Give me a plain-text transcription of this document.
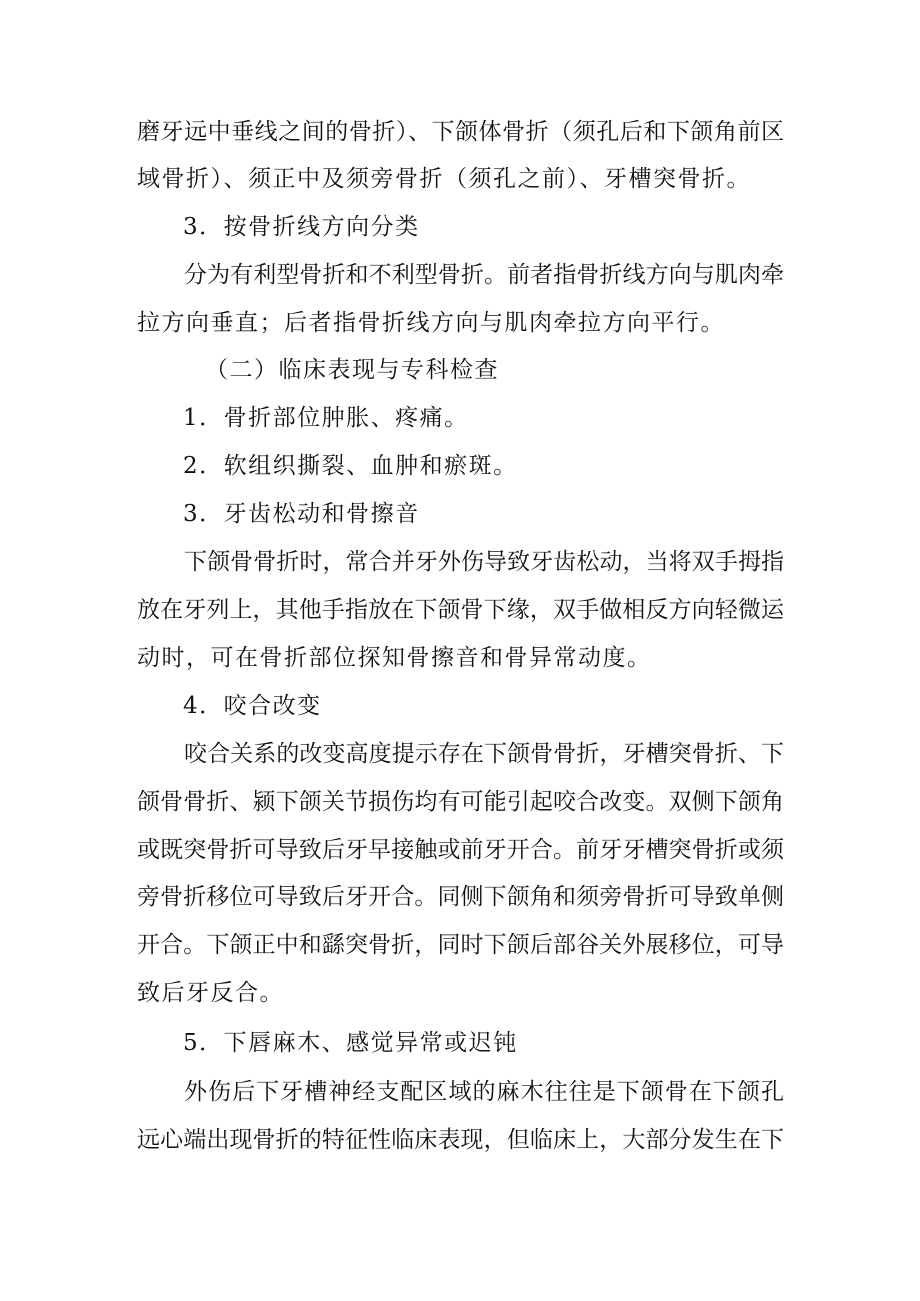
磨牙远中垂线之间的骨折）、下颌体骨折（须孔后和下颌角前区
域骨折）、须正中及须旁骨折（须孔之前）、牙槽突骨折。
3．按骨折线方向分类
分为有利型骨折和不利型骨折。前者指骨折线方向与肌肉牵
拉方向垂直；后者指骨折线方向与肌肉牵拉方向平行。
（二）临床表现与专科检查
1．骨折部位肿胀、疼痛。
2．软组织撕裂、血肿和瘀斑。
3．牙齿松动和骨擦音
下颌骨骨折时，常合并牙外伤导致牙齿松动，当将双手拇指
放在牙列上，其他手指放在下颌骨下缘，双手做相反方向轻微运
动时，可在骨折部位探知骨擦音和骨异常动度。
4．咬合改变
咬合关系的改变高度提示存在下颌骨骨折，牙槽突骨折、下
颌骨骨折、颍下颌关节损伤均有可能引起咬合改变。双侧下颌角
或既突骨折可导致后牙早接触或前牙开合。前牙牙槽突骨折或须
旁骨折移位可导致后牙开合。同侧下颌角和须旁骨折可导致单侧
开合。下颌正中和繇突骨折，同时下颌后部谷关外展移位，可导
致后牙反合。
5．下唇麻木、感觉异常或迟钝
外伤后下牙槽神经支配区域的麻木往往是下颌骨在下颌孔
远心端出现骨折的特征性临床表现，但临床上，大部分发生在下
